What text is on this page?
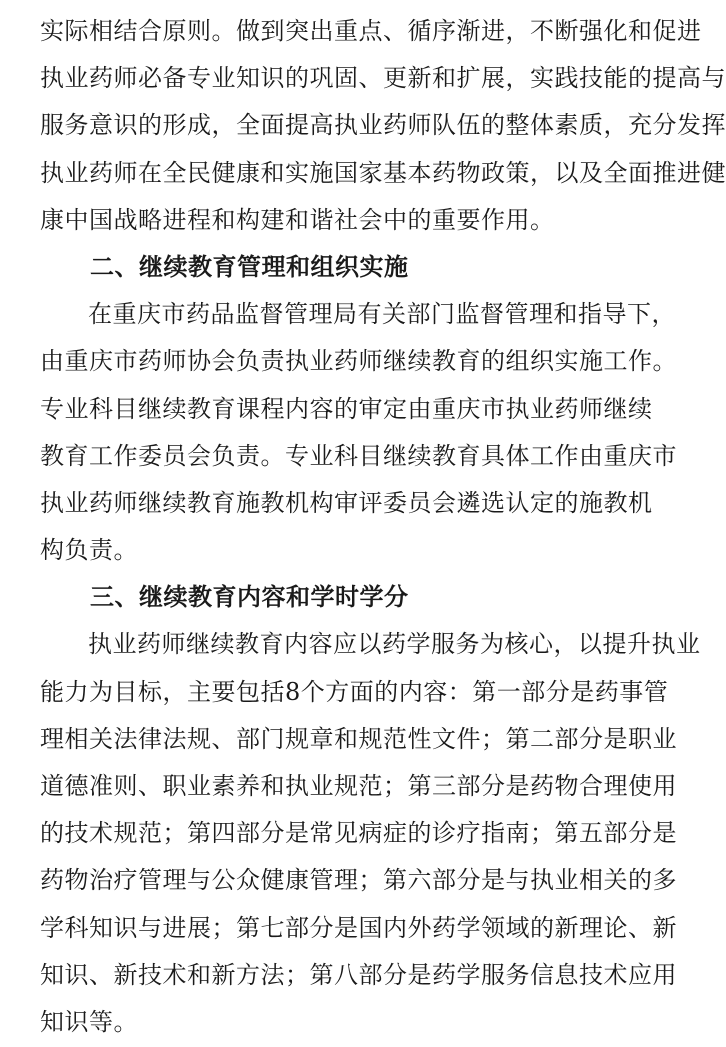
实际相结合原则。做到突出重点、循序渐进，不断强化和促进
执业药师必备专业知识的巩固、更新和扩展，实践技能的提高与
服务意识的形成，全面提高执业药师队伍的整体素质，充分发挥
执业药师在全民健康和实施国家基本药物政策，以及全面推进健
康中国战略进程和构建和谐社会中的重要作用。
二、继续教育管理和组织实施
在重庆市药品监督管理局有关部门监督管理和指导下，
由重庆市药师协会负责执业药师继续教育的组织实施工作。
专业科目继续教育课程内容的审定由重庆市执业药师继续
教育工作委员会负责。专业科目继续教育具体工作由重庆市
执业药师继续教育施教机构审评委员会遴选认定的施教机
构负责。
三、继续教育内容和学时学分
执业药师继续教育内容应以药学服务为核心，以提升执业
能力为目标，主要包括8个方面的内容：第一部分是药事管
理相关法律法规、部门规章和规范性文件；第二部分是职业
道德准则、职业素养和执业规范；第三部分是药物合理使用
的技术规范；第四部分是常见病症的诊疗指南；第五部分是
药物治疗管理与公众健康管理；第六部分是与执业相关的多
学科知识与进展；第七部分是国内外药学领域的新理论、新
知识、新技术和新方法；第八部分是药学服务信息技术应用
知识等。
